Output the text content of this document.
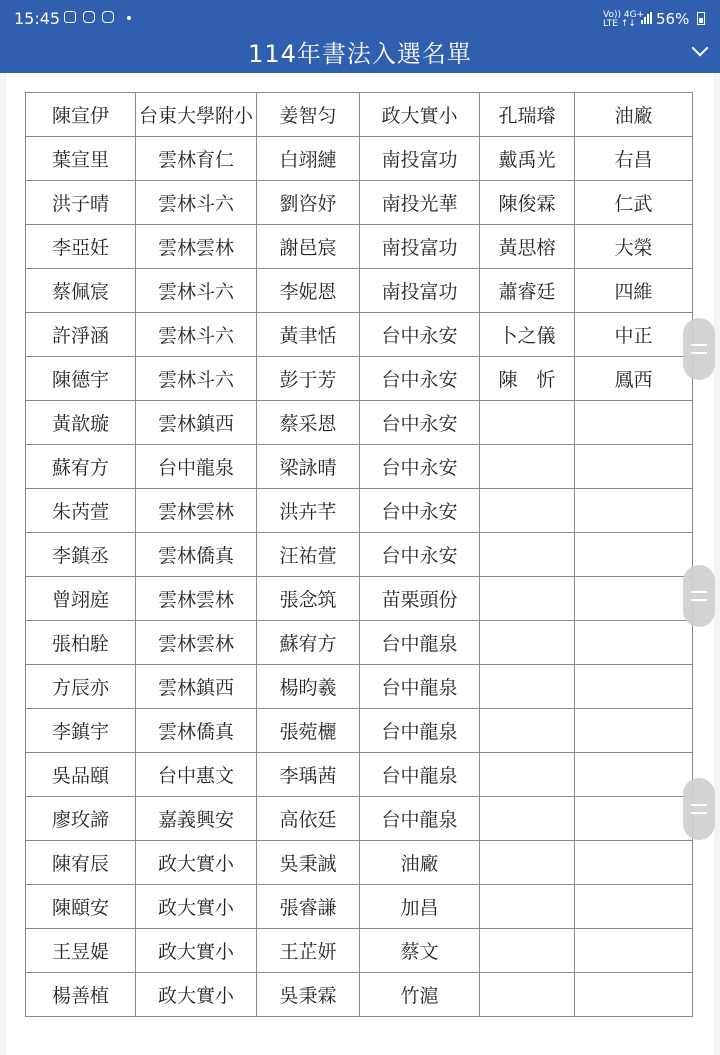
15:45	Vo)) 4G+
LTE ↑↓ 56%
114年書法入選名單
陳宣伊	台東大學附小	姜智匀	政大實小	孔瑞璿	油廠
葉宣里	雲林育仁	白翊縺	南投富功	戴禹光	右昌
洪子晴	雲林斗六	劉咨妤	南投光華	陳俊霖	仁武
李亞妊	雲林雲林	謝邑宸	南投富功	黃思榕	大榮
蔡佩宸	雲林斗六	李妮恩	南投富功	蕭睿廷	四維
許淨涵	雲林斗六	黃聿恬	台中永安	卜之儀	中正
陳德宇	雲林斗六	彭于芳	台中永安	陳　忻	鳳西
黃歆璇	雲林鎮西	蔡采恩	台中永安		
蘇宥方	台中龍泉	梁詠晴	台中永安		
朱芮萱	雲林雲林	洪卉芊	台中永安		
李鎮丞	雲林僑真	汪祐萱	台中永安		
曾翊庭	雲林雲林	張念筑	苗栗頭份		
張柏駩	雲林雲林	蘇宥方	台中龍泉		
方辰亦	雲林鎮西	楊昀羲	台中龍泉		
李鎮宇	雲林僑真	張菀欐	台中龍泉		
吳品頤	台中惠文	李瑀茜	台中龍泉		
廖玫諦	嘉義興安	高依廷	台中龍泉		
陳宥辰	政大實小	吳秉誠	油廠		
陳頤安	政大實小	張睿謙	加昌		
王昱媞	政大實小	王芷妍	蔡文		
楊善植	政大實小	吳秉霖	竹滬		
